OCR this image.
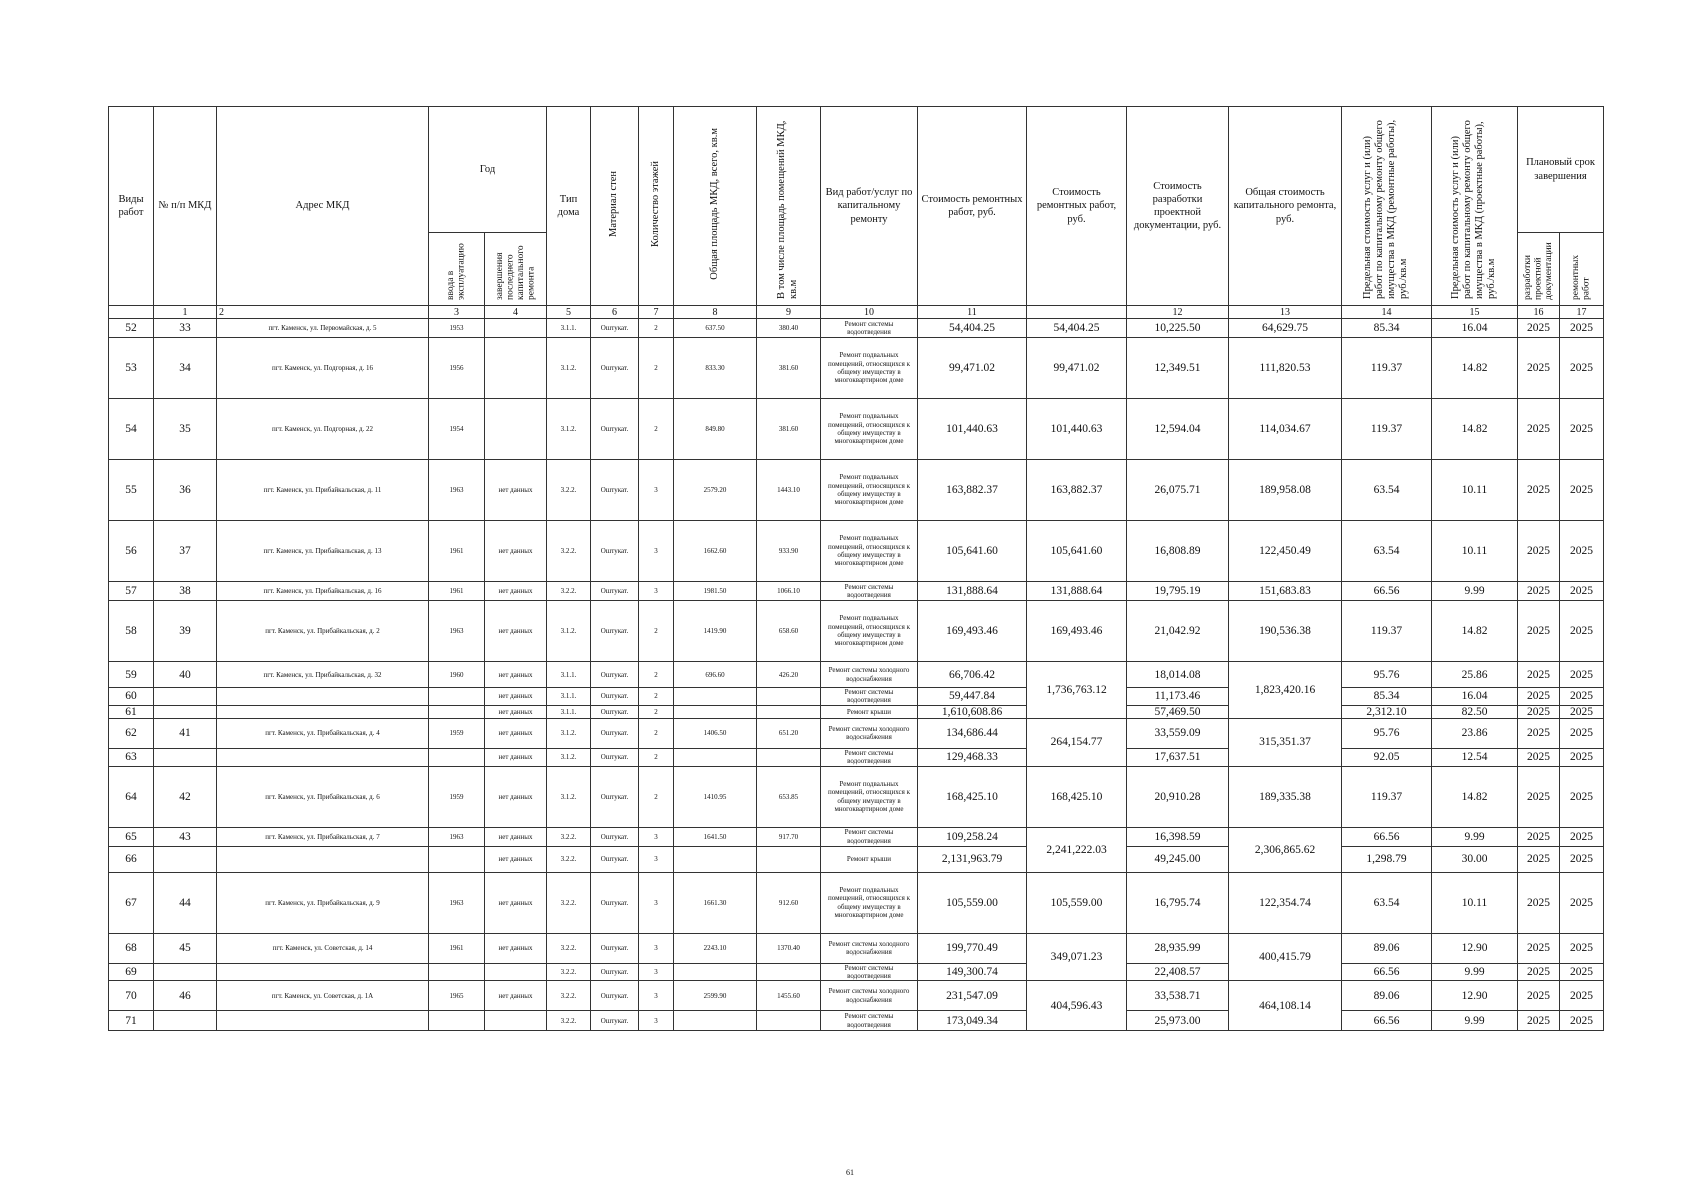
Виды работ	№ п/п МКД	Адрес МКД	Год		Тип дома	Материал стен	Количество этажей	Общая площадь МКД, всего, кв.м	В том числе площадь помещений МКД, кв.м	Вид работ/услуг по капитальному ремонту	Стоимость ремонтных работ, руб.	Стоимость ремонтных работ, руб.	Стоимость разработки проектной документации, руб.	Общая стоимость капитального ремонта, руб.	Предельная стоимость услуг и (или) работ по капитальному ремонту общего имущества в МКД (ремонтные работы), руб./кв.м	Предельная стоимость услуг и (или) работ по капитальному ремонту общего имущества в МКД (проектные работы), руб./кв.м	Плановый срок завершения	
			ввода в эксплуатацию	завершения последнего капитального ремонта													разработки проектной документации	ремонтных работ
	1	2	3	4	5	6	7	8	9	10	11		12	13	14	15	16	17
52	33	пгт. Каменск, ул. Первомайская, д. 5	1953		3.1.1.	Оштукат.	2	637.50	380.40	Ремонт системы водоотведения	54,404.25	54,404.25	10,225.50	64,629.75	85.34	16.04	2025	2025
53	34	пгт. Каменск, ул. Подгорная, д. 16	1956		3.1.2.	Оштукат.	2	833.30	381.60	Ремонт подвальных помещений, относящихся к общему имуществу в многоквартирном доме	99,471.02	99,471.02	12,349.51	111,820.53	119.37	14.82	2025	2025
54	35	пгт. Каменск, ул. Подгорная, д. 22	1954		3.1.2.	Оштукат.	2	849.80	381.60	Ремонт подвальных помещений, относящихся к общему имуществу в многоквартирном доме	101,440.63	101,440.63	12,594.04	114,034.67	119.37	14.82	2025	2025
55	36	пгт. Каменск, ул. Прибайкальская, д. 11	1963	нет данных	3.2.2.	Оштукат.	3	2579.20	1443.10	Ремонт подвальных помещений, относящихся к общему имуществу в многоквартирном доме	163,882.37	163,882.37	26,075.71	189,958.08	63.54	10.11	2025	2025
56	37	пгт. Каменск, ул. Прибайкальская, д. 13	1961	нет данных	3.2.2.	Оштукат.	3	1662.60	933.90	Ремонт подвальных помещений, относящихся к общему имуществу в многоквартирном доме	105,641.60	105,641.60	16,808.89	122,450.49	63.54	10.11	2025	2025
57	38	пгт. Каменск, ул. Прибайкальская, д. 16	1961	нет данных	3.2.2.	Оштукат.	3	1981.50	1066.10	Ремонт системы водоотведения	131,888.64	131,888.64	19,795.19	151,683.83	66.56	9.99	2025	2025
58	39	пгт. Каменск, ул. Прибайкальская, д. 2	1963	нет данных	3.1.2.	Оштукат.	2	1419.90	658.60	Ремонт подвальных помещений, относящихся к общему имуществу в многоквартирном доме	169,493.46	169,493.46	21,042.92	190,536.38	119.37	14.82	2025	2025
59	40	пгт. Каменск, ул. Прибайкальская, д. 32	1960	нет данных	3.1.1.	Оштукат.	2	696.60	426.20	Ремонт системы холодного водоснабжения	66,706.42	1,736,763.12	18,014.08	1,823,420.16	95.76	25.86	2025	2025
60				нет данных	3.1.1.	Оштукат.	2			Ремонт системы водоотведения	59,447.84		11,173.46		85.34	16.04	2025	2025
61				нет данных	3.1.1.	Оштукат.	2			Ремонт крыши	1,610,608.86		57,469.50		2,312.10	82.50	2025	2025
62	41	пгт. Каменск, ул. Прибайкальская, д. 4	1959	нет данных	3.1.2.	Оштукат.	2	1406.50	651.20	Ремонт системы холодного водоснабжения	134,686.44	264,154.77	33,559.09	315,351.37	95.76	23.86	2025	2025
63				нет данных	3.1.2.	Оштукат.	2			Ремонт системы водоотведения	129,468.33		17,637.51		92.05	12.54	2025	2025
64	42	пгт. Каменск, ул. Прибайкальская, д. 6	1959	нет данных	3.1.2.	Оштукат.	2	1410.95	653.85	Ремонт подвальных помещений, относящихся к общему имуществу в многоквартирном доме	168,425.10	168,425.10	20,910.28	189,335.38	119.37	14.82	2025	2025
65	43	пгт. Каменск, ул. Прибайкальская, д. 7	1963	нет данных	3.2.2.	Оштукат.	3	1641.50	917.70	Ремонт системы водоотведения	109,258.24	2,241,222.03	16,398.59	2,306,865.62	66.56	9.99	2025	2025
66				нет данных	3.2.2.	Оштукат.	3			Ремонт крыши	2,131,963.79		49,245.00		1,298.79	30.00	2025	2025
67	44	пгт. Каменск, ул. Прибайкальская, д. 9	1963	нет данных	3.2.2.	Оштукат.	3	1661.30	912.60	Ремонт подвальных помещений, относящихся к общему имуществу в многоквартирном доме	105,559.00	105,559.00	16,795.74	122,354.74	63.54	10.11	2025	2025
68	45	пгт. Каменск, ул. Советская, д. 14	1961	нет данных	3.2.2.	Оштукат.	3	2243.10	1370.40	Ремонт системы холодного водоснабжения	199,770.49	349,071.23	28,935.99	400,415.79	89.06	12.90	2025	2025
69					3.2.2.	Оштукат.	3			Ремонт системы водоотведения	149,300.74		22,408.57		66.56	9.99	2025	2025
70	46	пгт. Каменск, ул. Советская, д. 1А	1965	нет данных	3.2.2.	Оштукат.	3	2599.90	1455.60	Ремонт системы холодного водоснабжения	231,547.09	404,596.43	33,538.71	464,108.14	89.06	12.90	2025	2025
71					3.2.2.	Оштукат.	3			Ремонт системы водоотведения	173,049.34		25,973.00		66.56	9.99	2025	2025
61
